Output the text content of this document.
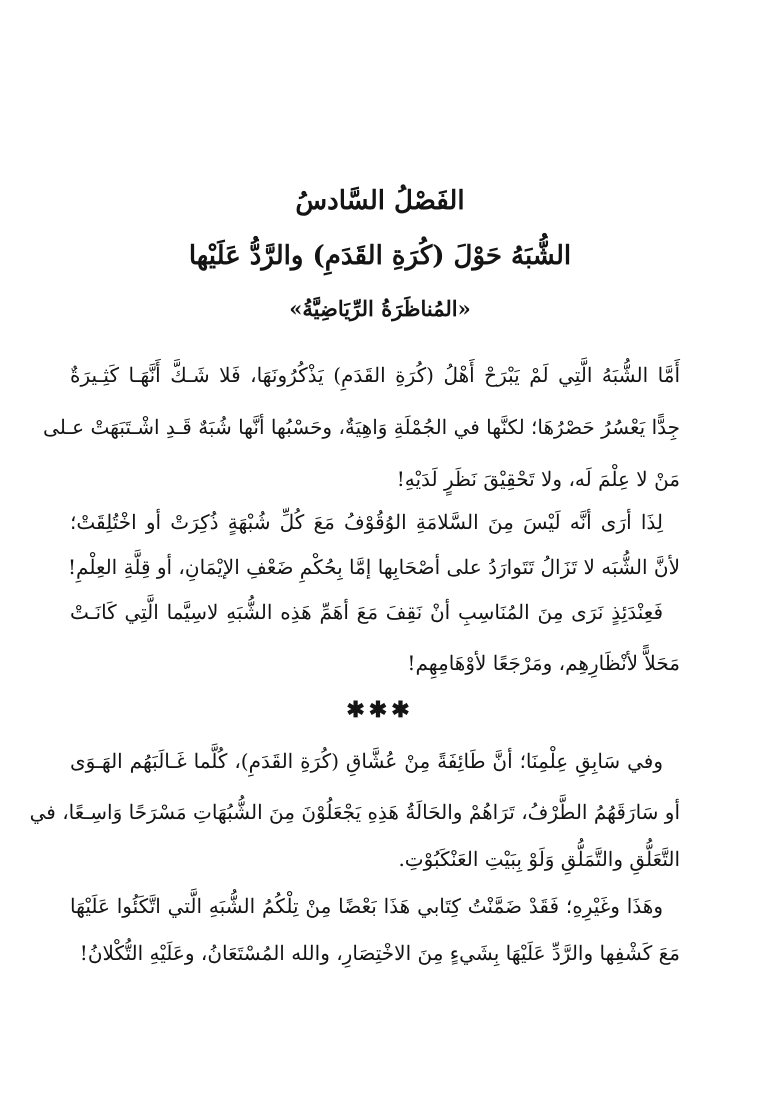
الفَصْلُ السَّادسُ
الشُّبَهُ حَوْلَ (كُرَةِ القَدَمِ) والرَّدُّ عَلَيْها
«المُناظَرَةُ الرِّيَاضِيَّةُ»
أَمَّا الشُّبَهُ الَّتِي لَمْ يَبْرَحْ أَهْلُ (كُرَةِ القَدَمِ) يَذْكُرُونَهَا، فَلا شَـكَّ أَنَّهَـا كَثِـيرَةٌ
جِدًّا يَعْسُرُ حَصْرُهَا؛ لكنَّها في الجُمْلَةِ وَاهِيَةٌ، وحَسْبُها أنَّها شُبَهٌ قَـدِ اشْـتَبَهَتْ عـلى
مَنْ لا عِلْمَ لَه، ولا تَحْقِيْقَ نَظَرٍ لَدَيْهِ!
لِذَا أرَى أنَّه لَيْسَ مِنَ السَّلامَةِ الوُقُوْفُ مَعَ كُلِّ شُبْهَةٍ ذُكِرَتْ أو اخْتُلِقَتْ؛
لأنَّ الشُّبَه لا تَزَالُ تَتَوارَدُ على أصْحَابِها إمَّا بِحُكْمِ ضَعْفِ الإيْمَانِ، أو قِلَّةِ العِلْمِ!
فَعِنْدَئِذٍ نَرَى مِنَ المُنَاسِبِ أنْ نَقِفَ مَعَ أهَمِّ هَذِه الشُّبَهِ لاسِيَّما الَّتِي كَانَـتْ
مَحَلاًّ لأنْظَارِهِم، ومَرْجَعًا لأوْهَامِهِم!
✱✱✱
وفي سَابِقِ عِلْمِنَا؛ أنَّ طَائِفَةً مِنْ عُشَّاقِ (كُرَةِ القَدَمِ)، كُلَّما غَـالَبَهُم الهَـوَى
أو سَارَقَهُمُ الطَّرْفُ، تَرَاهُمْ والحَالَةُ هَذِهِ يَجْعَلُوْنَ مِنَ الشُّبُهَاتِ مَسْرَحًا وَاسِـعًا، في
التَّعَلُّقِ والتَّمَلُّقِ وَلَوْ بِبَيْتِ العَنْكَبُوْتِ.
وهَذَا وغَيْرِهِ؛ فَقَدْ ضَمَّنْتُ كِتَابي هَذَا بَعْضًا مِنْ تِلْكُمُ الشُّبَهِ الَّتي اتَّكَئُوا عَلَيْهَا
مَعَ كَشْفِها والرَّدِّ عَلَيْهَا بِشَيءٍ مِنَ الاخْتِصَارِ، والله المُسْتَعَانُ، وعَلَيْهِ التُّكْلانُ!
